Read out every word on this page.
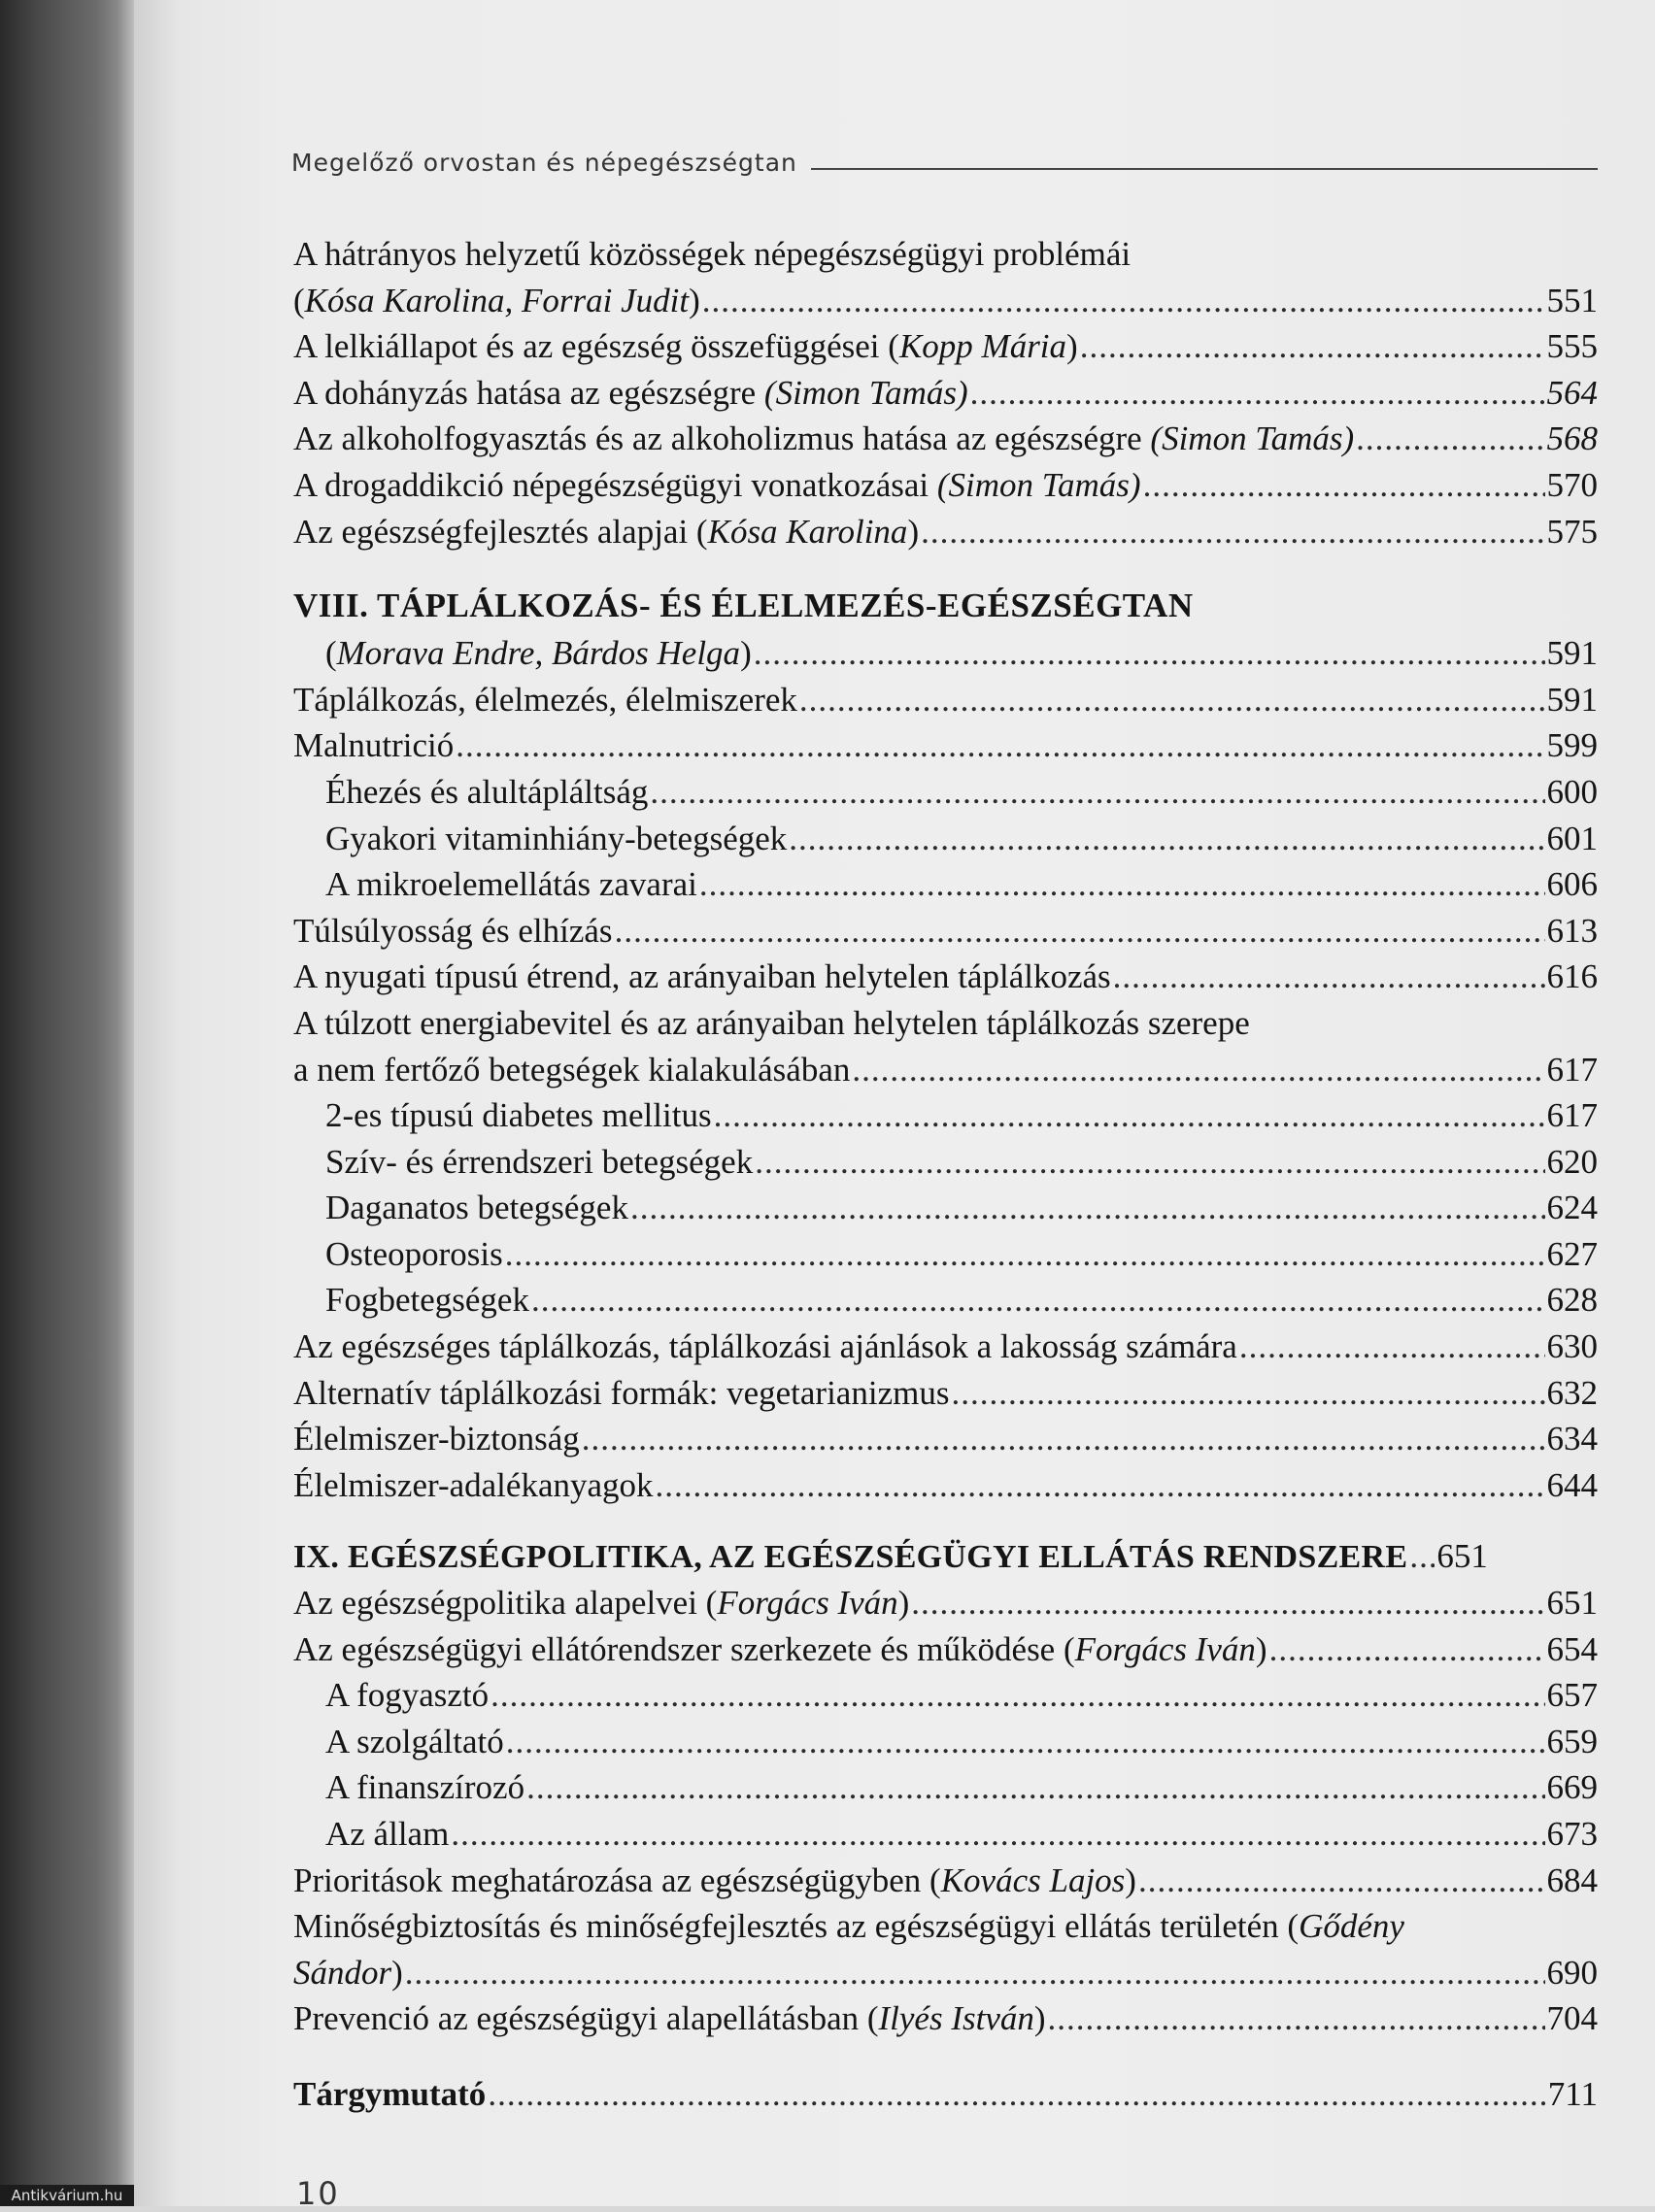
Megelőző orvostan és népegészségtan
A hátrányos helyzetű közösségek népegészségügyi problémái
(Kósa Karolina, Forrai Judit) .....	551
A lelkiállapot és az egészség összefüggései (Kopp Mária) .....	555
A dohányzás hatása az egészségre (Simon Tamás) .....	564
Az alkoholfogyasztás és az alkoholizmus hatása az egészségre (Simon Tamás) .....	568
A drogaddikció népegészségügyi vonatkozásai (Simon Tamás) .....	570
Az egészségfejlesztés alapjai (Kósa Karolina) .....	575
VIII. TÁPLÁLKOZÁS- ÉS ÉLELMEZÉS-EGÉSZSÉGTAN
(Morava Endre, Bárdos Helga) .....	591
Táplálkozás, élelmezés, élelmiszerek .....	591
Malnutrició .....	599
Éhezés és alultápláltság .....	600
Gyakori vitaminhiány-betegségek .....	601
A mikroelemellátás zavarai .....	606
Túlsúlyosság és elhízás .....	613
A nyugati típusú étrend, az arányaiban helytelen táplálkozás .....	616
A túlzott energiabevitel és az arányaiban helytelen táplálkozás szerepe
a nem fertőző betegségek kialakulásában .....	617
2-es típusú diabetes mellitus .....	617
Szív- és érrendszeri betegségek .....	620
Daganatos betegségek .....	624
Osteoporosis .....	627
Fogbetegségek .....	628
Az egészséges táplálkozás, táplálkozási ajánlások a lakosság számára .....	630
Alternatív táplálkozási formák: vegetarianizmus .....	632
Élelmiszer-biztonság .....	634
Élelmiszer-adalékanyagok .....	644
IX. EGÉSZSÉGPOLITIKA, AZ EGÉSZSÉGÜGYI ELLÁTÁS RENDSZERE ..... 651
Az egészségpolitika alapelvei (Forgács Iván) .....	651
Az egészségügyi ellátórendszer szerkezete és működése (Forgács Iván) .....	654
A fogyasztó .....	657
A szolgáltató .....	659
A finanszírozó .....	669
Az állam .....	673
Prioritások meghatározása az egészségügyben (Kovács Lajos) .....	684
Minőségbiztosítás és minőségfejlesztés az egészségügyi ellátás területén (Gődény
Sándor) .....	690
Prevenció az egészségügyi alapellátásban (Ilyés István) .....	704
Tárgymutató .....	711
10
Antikvárium.hu
